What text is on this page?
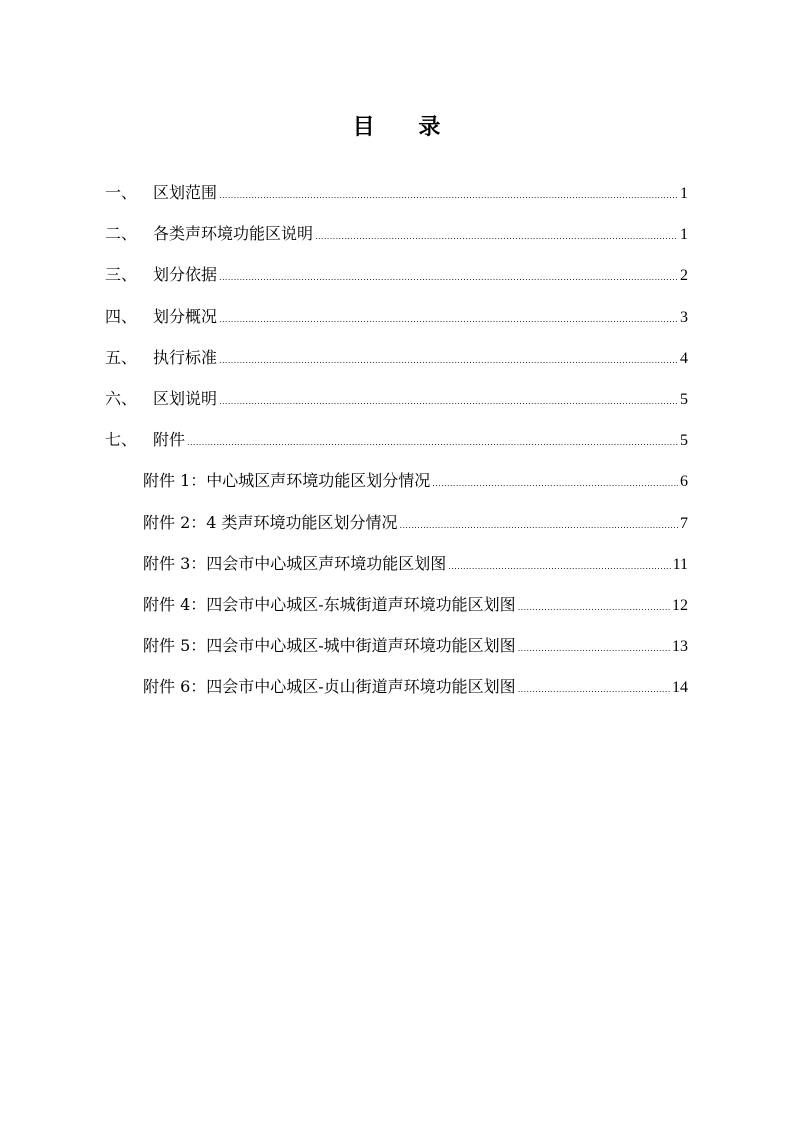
目 录
一、 区划范围 .....	1
二、 各类声环境功能区说明 .....	1
三、 划分依据 .....	2
四、 划分概况 .....	3
五、 执行标准 .....	4
六、 区划说明 .....	5
七、 附件 .....	5
附件 1：中心城区声环境功能区划分情况 .....	6
附件 2：4 类声环境功能区划分情况 .....	7
附件 3：四会市中心城区声环境功能区划图 .....	11
附件 4：四会市中心城区-东城街道声环境功能区划图 .....	12
附件 5：四会市中心城区-城中街道声环境功能区划图 .....	13
附件 6：四会市中心城区-贞山街道声环境功能区划图 .....	14
